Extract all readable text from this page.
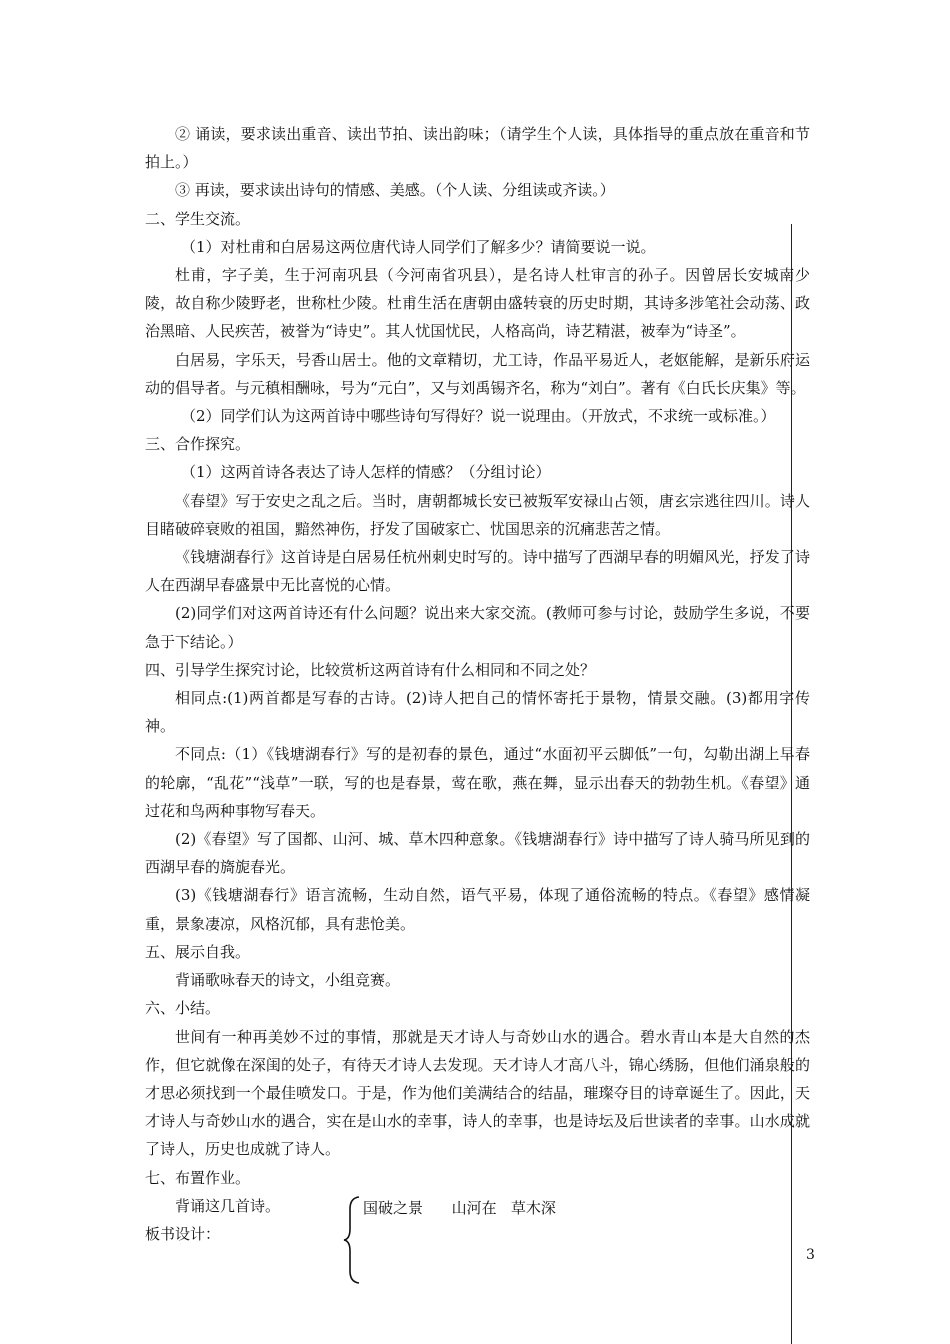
② 诵读，要求读出重音、读出节拍、读出韵味；（请学生个人读，具体指导的重点放在重音和节拍上。）

③ 再读，要求读出诗句的情感、美感。（个人读、分组读或齐读。）

二、学生交流。

（1）对杜甫和白居易这两位唐代诗人同学们了解多少？请简要说一说。

杜甫，字子美，生于河南巩县（今河南省巩县），是名诗人杜审言的孙子。因曾居长安城南少陵，故自称少陵野老，世称杜少陵。杜甫生活在唐朝由盛转衰的历史时期，其诗多涉笔社会动荡、政治黑暗、人民疾苦，被誉为“诗史”。其人忧国忧民，人格高尚，诗艺精湛，被奉为“诗圣”。

白居易，字乐天，号香山居士。他的文章精切，尤工诗，作品平易近人，老妪能解，是新乐府运动的倡导者。与元稹相酬咏，号为“元白”，又与刘禹锡齐名，称为“刘白”。著有《白氏长庆集》等。

（2）同学们认为这两首诗中哪些诗句写得好？说一说理由。（开放式，不求统一或标准。）

三、合作探究。

（1）这两首诗各表达了诗人怎样的情感？（分组讨论）

《春望》写于安史之乱之后。当时，唐朝都城长安已被叛军安禄山占领，唐玄宗逃往四川。诗人目睹破碎衰败的祖国，黯然神伤，抒发了国破家亡、忧国思亲的沉痛悲苦之情。

《钱塘湖春行》这首诗是白居易任杭州刺史时写的。诗中描写了西湖早春的明媚风光，抒发了诗人在西湖早春盛景中无比喜悦的心情。

(2)同学们对这两首诗还有什么问题？说出来大家交流。(教师可参与讨论，鼓励学生多说，不要急于下结论。）

四、引导学生探究讨论，比较赏析这两首诗有什么相同和不同之处？

相同点:(1)两首都是写春的古诗。(2)诗人把自己的情怀寄托于景物，情景交融。(3)都用字传神。

不同点:（1）《钱塘湖春行》写的是初春的景色，通过“水面初平云脚低”一句，勾勒出湖上早春的轮廓，“乱花”“浅草”一联，写的也是春景，莺在歌，燕在舞，显示出春天的勃勃生机。《春望》通过花和鸟两种事物写春天。

(2)《春望》写了国都、山河、城、草木四种意象。《钱塘湖春行》诗中描写了诗人骑马所见到的西湖早春的旖旎春光。

(3)《钱塘湖春行》语言流畅，生动自然，语气平易，体现了通俗流畅的特点。《春望》感情凝重，景象凄凉，风格沉郁，具有悲怆美。

五、展示自我。

背诵歌咏春天的诗文，小组竞赛。

六、小结。

世间有一种再美妙不过的事情，那就是天才诗人与奇妙山水的遇合。碧水青山本是大自然的杰作，但它就像在深闺的处子，有待天才诗人去发现。天才诗人才高八斗，锦心绣肠，但他们涌泉般的才思必须找到一个最佳喷发口。于是，作为他们美满结合的结晶，璀璨夺目的诗章诞生了。因此，天才诗人与奇妙山水的遇合，实在是山水的幸事，诗人的幸事，也是诗坛及后世读者的幸事。山水成就了诗人，历史也成就了诗人。

七、布置作业。

背诵这几首诗。

板书设计：

国破之景      山河在   草木深
3
